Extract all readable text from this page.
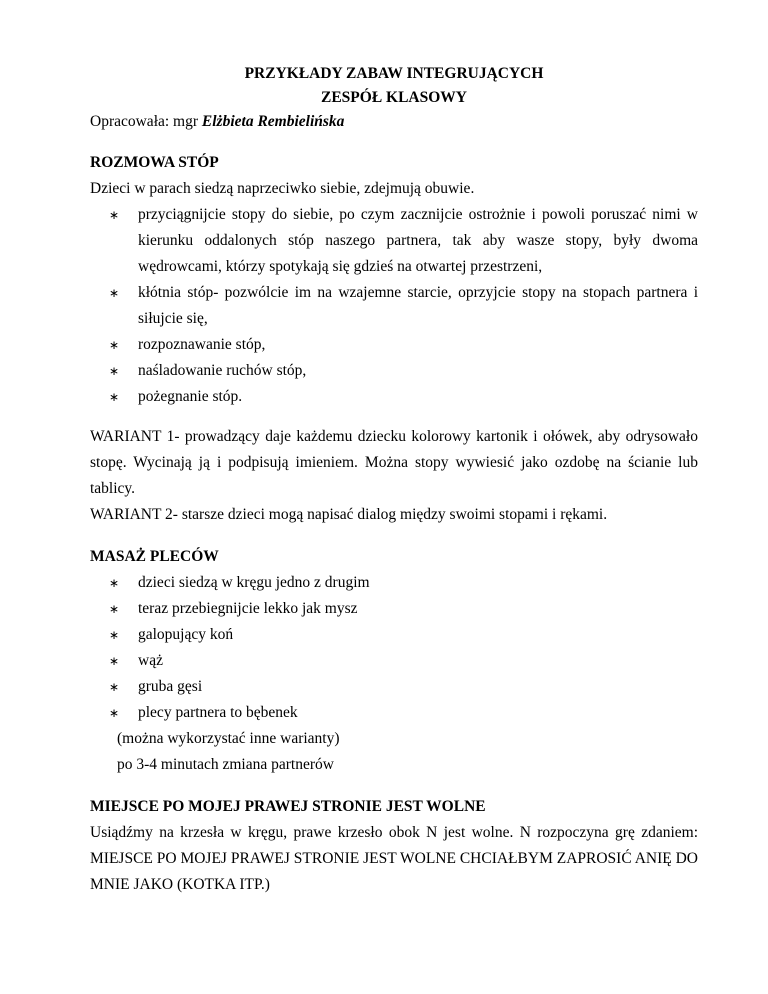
PRZYKŁADY ZABAW INTEGRUJĄCYCH

ZESPÓŁ KLASOWY

Opracowała: mgr Elżbieta Rembielińska

ROZMOWA STÓP

Dzieci w parach siedzą naprzeciwko siebie, zdejmują obuwie.

∗ przyciągnijcie stopy do siebie, po czym zacznijcie ostrożnie i powoli poruszać nimi w kierunku oddalonych stóp naszego partnera, tak aby wasze stopy, były dwoma wędrowcami, którzy spotykają się gdzieś na otwartej przestrzeni,
∗ kłótnia stóp- pozwólcie im na wzajemne starcie, oprzyjcie stopy na stopach partnera i siłujcie się,
∗ rozpoznawanie stóp,
∗ naśladowanie ruchów stóp,
∗ pożegnanie stóp.

WARIANT 1- prowadzący daje każdemu dziecku kolorowy kartonik i ołówek, aby odrysowało stopę. Wycinają ją i podpisują imieniem. Można stopy wywiesić jako ozdobę na ścianie lub tablicy.

WARIANT 2- starsze dzieci mogą napisać dialog między swoimi stopami i rękami.

MASAŻ PLECÓW

∗ dzieci siedzą w kręgu jedno z drugim
∗ teraz przebiegnijcie lekko jak mysz
∗ galopujący koń
∗ wąż
∗ gruba gęsi
∗ plecy partnera to bębenek

(można wykorzystać inne warianty)

po 3-4 minutach zmiana partnerów

MIEJSCE PO MOJEJ PRAWEJ STRONIE JEST WOLNE

Usiądźmy na krzesła w kręgu, prawe krzesło obok N jest wolne. N rozpoczyna grę zdaniem: MIEJSCE PO MOJEJ PRAWEJ STRONIE JEST WOLNE CHCIAŁBYM ZAPROSIĆ ANIĘ DO MNIE JAKO (KOTKA ITP.)
